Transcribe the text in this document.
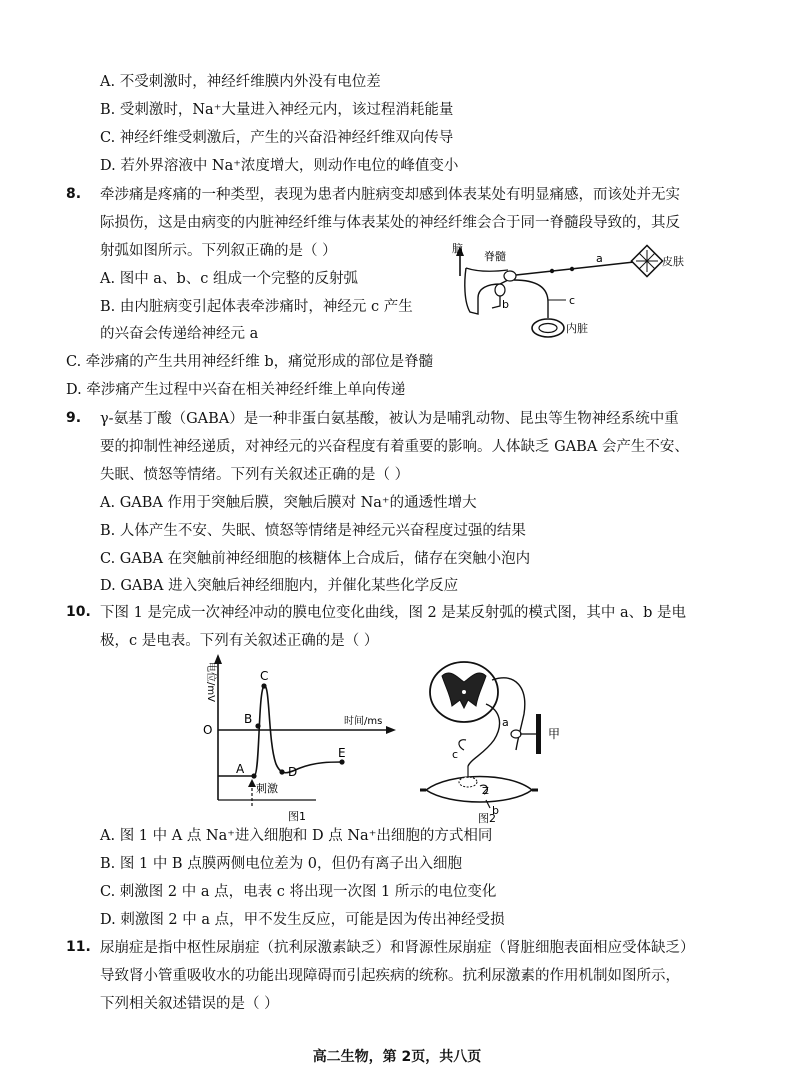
A. 不受刺激时，神经纤维膜内外没有电位差
B. 受刺激时，Na⁺大量进入神经元内，该过程消耗能量
C. 神经纤维受刺激后，产生的兴奋沿神经纤维双向传导
D. 若外界溶液中 Na⁺浓度增大，则动作电位的峰值变小
8. 牵涉痛是疼痛的一种类型，表现为患者内脏病变却感到体表某处有明显痛感，而该处并无实
际损伤，这是由病变的内脏神经纤维与体表某处的神经纤维会合于同一脊髓段导致的，其反
射弧如图所示。下列叙正确的是（ ）
A. 图中 a、b、c 组成一个完整的反射弧
B. 由内脏病变引起体表牵涉痛时，神经元 c 产生
的兴奋会传递给神经元 a
C. 牵涉痛的产生共用神经纤维 b，痛觉形成的部位是脊髓
D. 牵涉痛产生过程中兴奋在相关神经纤维上单向传递
脑
脊髓	a	皮肤
b	c
内脏
9. γ-氨基丁酸（GABA）是一种非蛋白氨基酸，被认为是哺乳动物、昆虫等生物神经系统中重
要的抑制性神经递质，对神经元的兴奋程度有着重要的影响。人体缺乏 GABA 会产生不安、
失眠、愤怒等情绪。下列有关叙述正确的是（ ）
A. GABA 作用于突触后膜，突触后膜对 Na⁺的通透性增大
B. 人体产生不安、失眠、愤怒等情绪是神经元兴奋程度过强的结果
C. GABA 在突触前神经细胞的核糖体上合成后，储存在突触小泡内
D. GABA 进入突触后神经细胞内，并催化某些化学反应
10. 下图 1 是完成一次神经冲动的膜电位变化曲线，图 2 是某反射弧的模式图，其中 a、b 是电
极，c 是电表。下列有关叙述正确的是（ ）
电位/mV
O
时间/ms
A
B
C
D
E
刺激
图1
a
甲
c
Z
b
图2
A. 图 1 中 A 点 Na⁺进入细胞和 D 点 Na⁺出细胞的方式相同
B. 图 1 中 B 点膜两侧电位差为 0，但仍有离子出入细胞
C. 刺激图 2 中 a 点，电表 c 将出现一次图 1 所示的电位变化
D. 刺激图 2 中 a 点，甲不发生反应，可能是因为传出神经受损
11. 尿崩症是指中枢性尿崩症（抗利尿激素缺乏）和肾源性尿崩症（肾脏细胞表面相应受体缺乏）
导致肾小管重吸收水的功能出现障碍而引起疾病的统称。抗利尿激素的作用机制如图所示，
下列相关叙述错误的是（ ）
高二生物，第 2页，共八页
